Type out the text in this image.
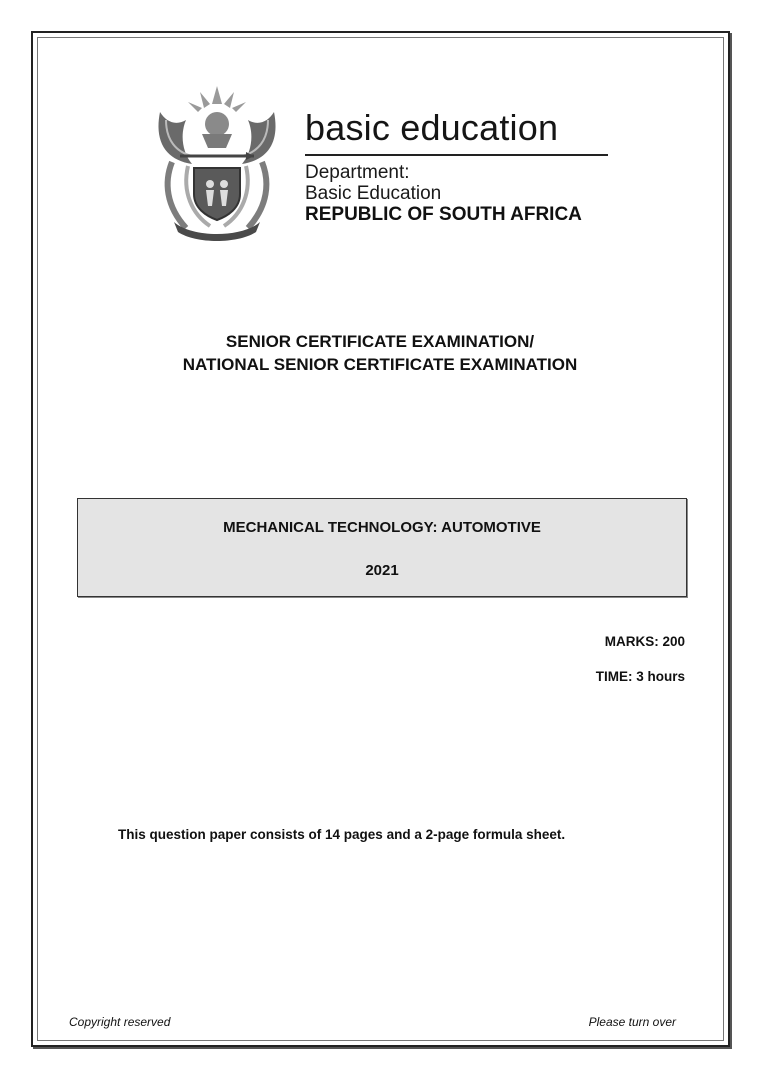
basic education
Department:
Basic Education
REPUBLIC OF SOUTH AFRICA
SENIOR CERTIFICATE EXAMINATION/
NATIONAL SENIOR CERTIFICATE EXAMINATION
MECHANICAL TECHNOLOGY: AUTOMOTIVE
2021
MARKS: 200
TIME: 3 hours
This question paper consists of 14 pages and a 2-page formula sheet.
Copyright reserved	Please turn over
